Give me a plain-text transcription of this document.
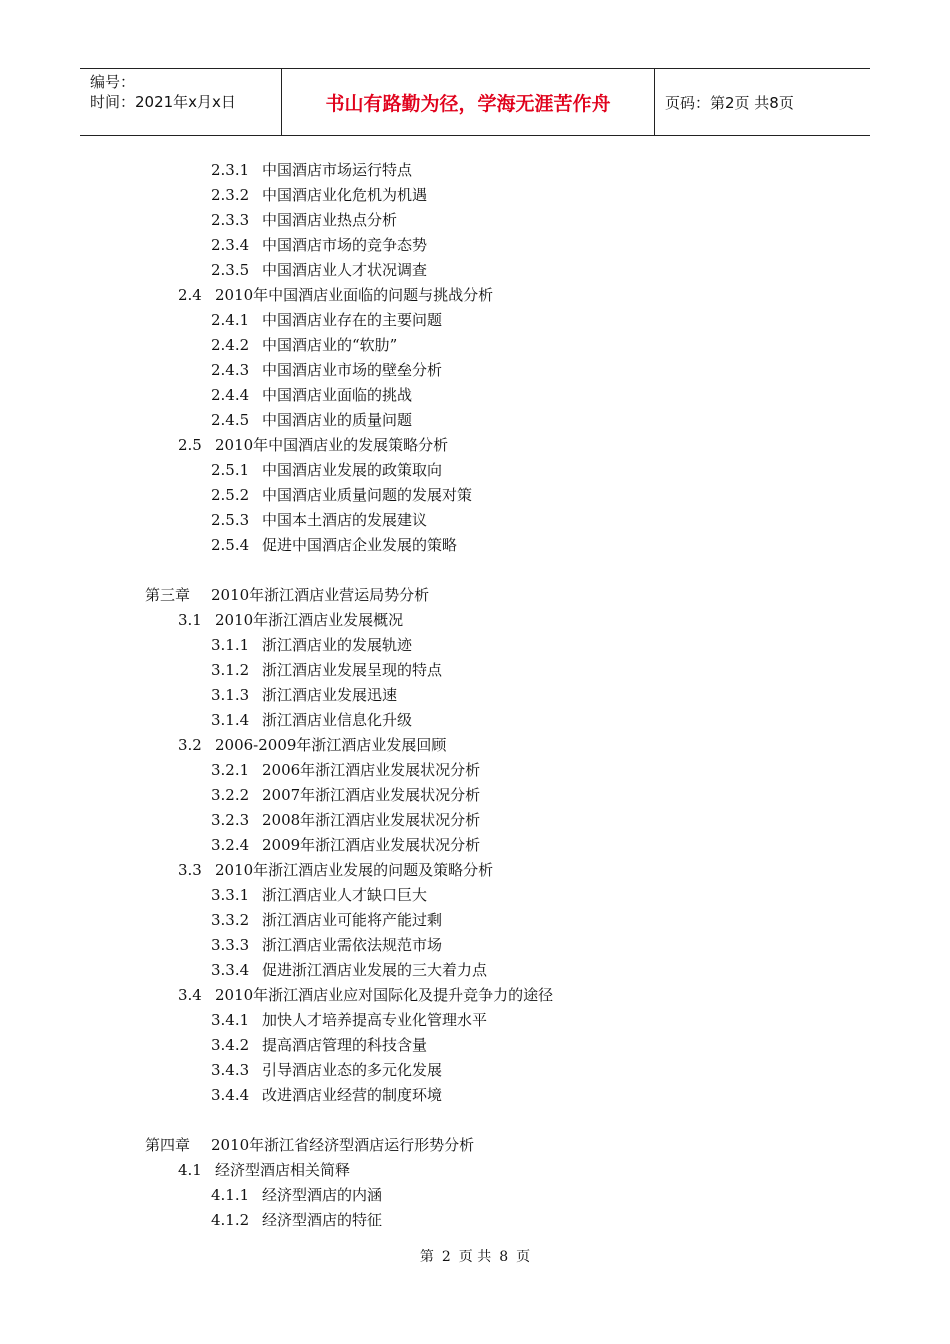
编号：
时间：2021年x月x日	书山有路勤为径，学海无涯苦作舟	页码：第2页 共8页
2.3.1 中国酒店市场运行特点
2.3.2 中国酒店业化危机为机遇
2.3.3 中国酒店业热点分析
2.3.4 中国酒店市场的竞争态势
2.3.5 中国酒店业人才状况调查
2.4 2010年中国酒店业面临的问题与挑战分析
2.4.1 中国酒店业存在的主要问题
2.4.2 中国酒店业的“软肋”
2.4.3 中国酒店业市场的壁垒分析
2.4.4 中国酒店业面临的挑战
2.4.5 中国酒店业的质量问题
2.5 2010年中国酒店业的发展策略分析
2.5.1 中国酒店业发展的政策取向
2.5.2 中国酒店业质量问题的发展对策
2.5.3 中国本土酒店的发展建议
2.5.4 促进中国酒店企业发展的策略
第三章 2010年浙江酒店业营运局势分析
3.1 2010年浙江酒店业发展概况
3.1.1 浙江酒店业的发展轨迹
3.1.2 浙江酒店业发展呈现的特点
3.1.3 浙江酒店业发展迅速
3.1.4 浙江酒店业信息化升级
3.2 2006-2009年浙江酒店业发展回顾
3.2.1 2006年浙江酒店业发展状况分析
3.2.2 2007年浙江酒店业发展状况分析
3.2.3 2008年浙江酒店业发展状况分析
3.2.4 2009年浙江酒店业发展状况分析
3.3 2010年浙江酒店业发展的问题及策略分析
3.3.1 浙江酒店业人才缺口巨大
3.3.2 浙江酒店业可能将产能过剩
3.3.3 浙江酒店业需依法规范市场
3.3.4 促进浙江酒店业发展的三大着力点
3.4 2010年浙江酒店业应对国际化及提升竞争力的途径
3.4.1 加快人才培养提高专业化管理水平
3.4.2 提高酒店管理的科技含量
3.4.3 引导酒店业态的多元化发展
3.4.4 改进酒店业经营的制度环境
第四章 2010年浙江省经济型酒店运行形势分析
4.1 经济型酒店相关简释
4.1.1 经济型酒店的内涵
4.1.2 经济型酒店的特征
第 2 页 共 8 页
